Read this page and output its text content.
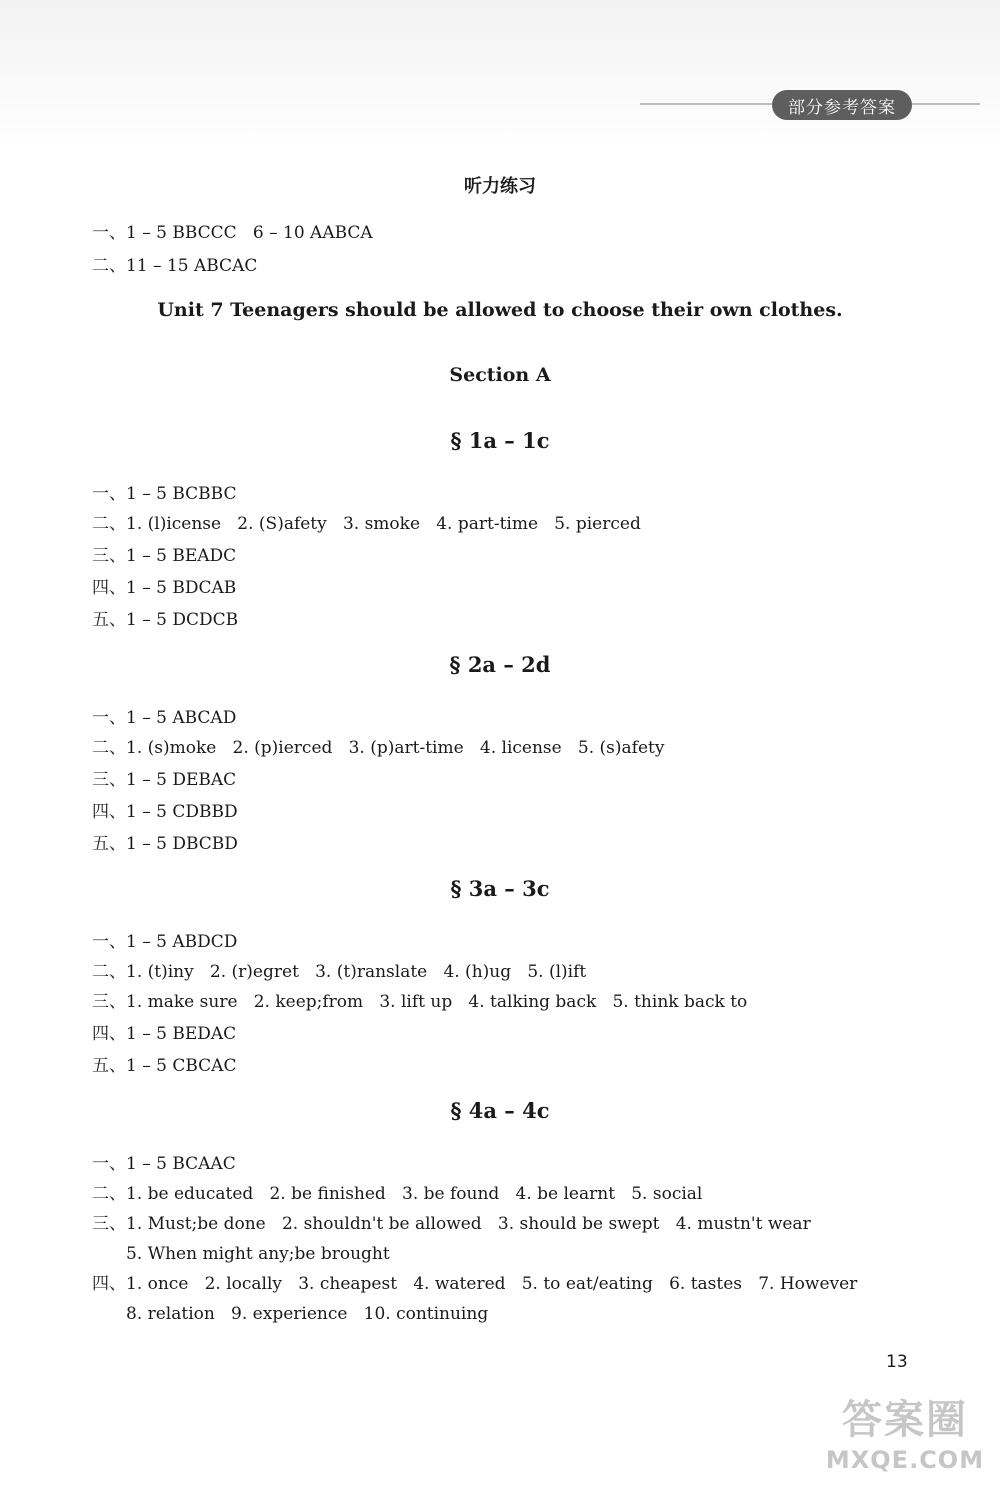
部分参考答案
听力练习
一、1 – 5 BBCCC   6 – 10 AABCA
二、11 – 15 ABCAC
Unit 7 Teenagers should be allowed to choose their own clothes.
Section A
§ 1a – 1c
一、1 – 5 BCBBC
二、1. (l)icense   2. (S)afety   3. smoke   4. part-time   5. pierced
三、1 – 5 BEADC
四、1 – 5 BDCAB
五、1 – 5 DCDCB
§ 2a – 2d
一、1 – 5 ABCAD
二、1. (s)moke   2. (p)ierced   3. (p)art-time   4. license   5. (s)afety
三、1 – 5 DEBAC
四、1 – 5 CDBBD
五、1 – 5 DBCBD
§ 3a – 3c
一、1 – 5 ABDCD
二、1. (t)iny   2. (r)egret   3. (t)ranslate   4. (h)ug   5. (l)ift
三、1. make sure   2. keep;from   3. lift up   4. talking back   5. think back to
四、1 – 5 BEDAC
五、1 – 5 CBCAC
§ 4a – 4c
一、1 – 5 BCAAC
二、1. be educated   2. be finished   3. be found   4. be learnt   5. social
三、1. Must;be done   2. shouldn't be allowed   3. should be swept   4. mustn't wear
5. When might any;be brought
四、1. once   2. locally   3. cheapest   4. watered   5. to eat/eating   6. tastes   7. However
8. relation   9. experience   10. continuing
13
答案圈
MXQE.COM
